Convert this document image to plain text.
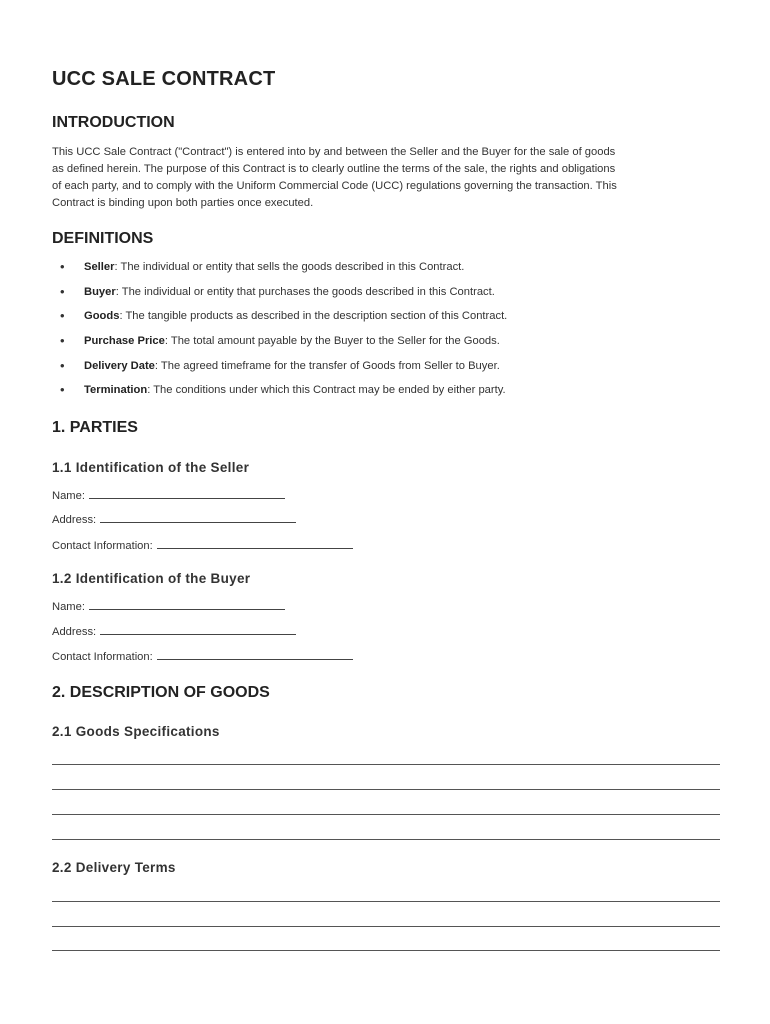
UCC SALE CONTRACT
INTRODUCTION
This UCC Sale Contract ("Contract") is entered into by and between the Seller and the Buyer for the sale of goods
as defined herein. The purpose of this Contract is to clearly outline the terms of the sale, the rights and obligations
of each party, and to comply with the Uniform Commercial Code (UCC) regulations governing the transaction. This
Contract is binding upon both parties once executed.
DEFINITIONS
• Seller: The individual or entity that sells the goods described in this Contract.
• Buyer: The individual or entity that purchases the goods described in this Contract.
• Goods: The tangible products as described in the description section of this Contract.
• Purchase Price: The total amount payable by the Buyer to the Seller for the Goods.
• Delivery Date: The agreed timeframe for the transfer of Goods from Seller to Buyer.
• Termination: The conditions under which this Contract may be ended by either party.
1. PARTIES
1.1 Identification of the Seller
Name:
Address:
Contact Information:
1.2 Identification of the Buyer
Name:
Address:
Contact Information:
2. DESCRIPTION OF GOODS
2.1 Goods Specifications
2.2 Delivery Terms
